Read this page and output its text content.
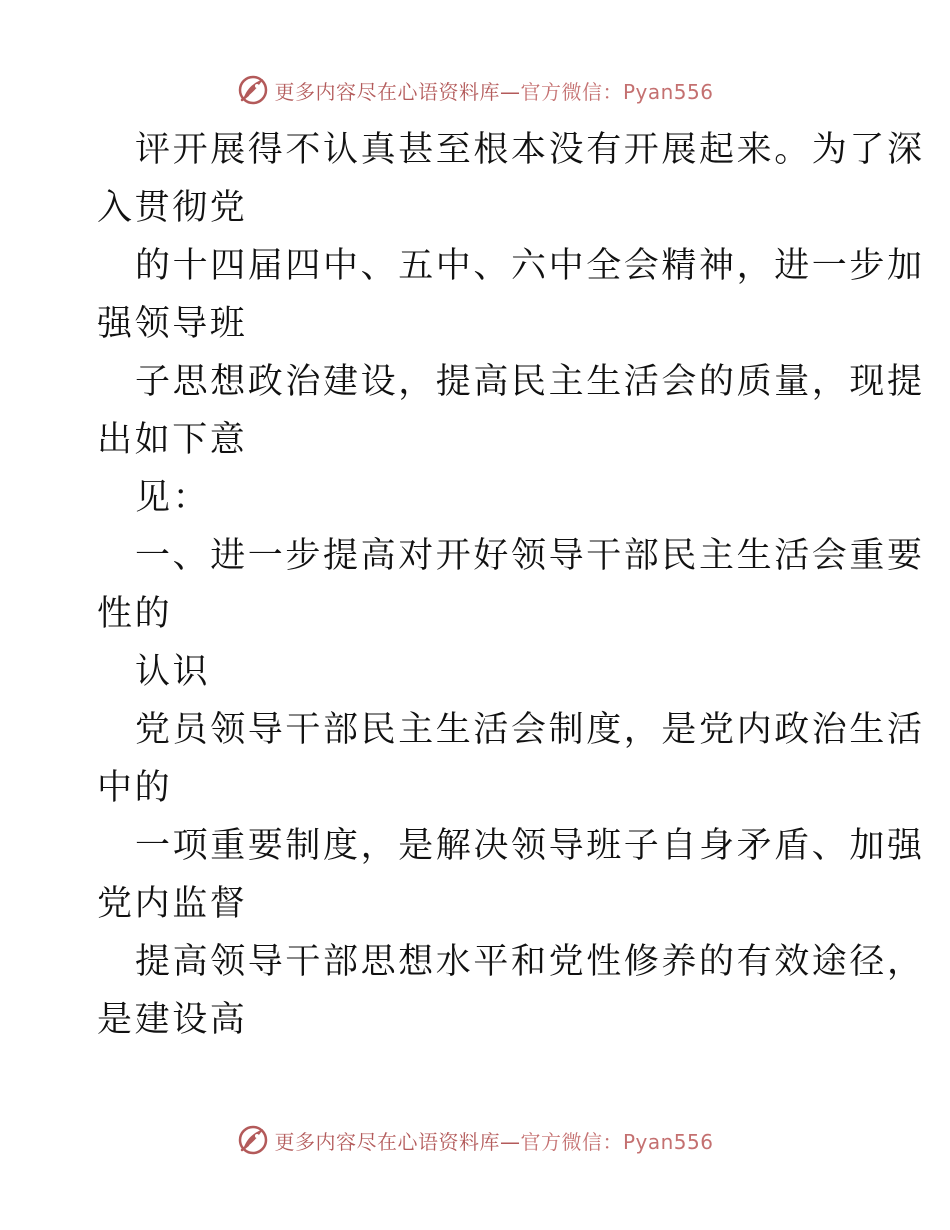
更多内容尽在心语资料库—官方微信：Pyan556
评开展得不认真甚至根本没有开展起来。为了深
入贯彻党
的十四届四中、五中、六中全会精神，进一步加
强领导班
子思想政治建设，提高民主生活会的质量，现提
出如下意
见：
一、进一步提高对开好领导干部民主生活会重要
性的
认识
党员领导干部民主生活会制度，是党内政治生活
中的
一项重要制度，是解决领导班子自身矛盾、加强
党内监督
提高领导干部思想水平和党性修养的有效途径，
是建设高
更多内容尽在心语资料库—官方微信：Pyan556
